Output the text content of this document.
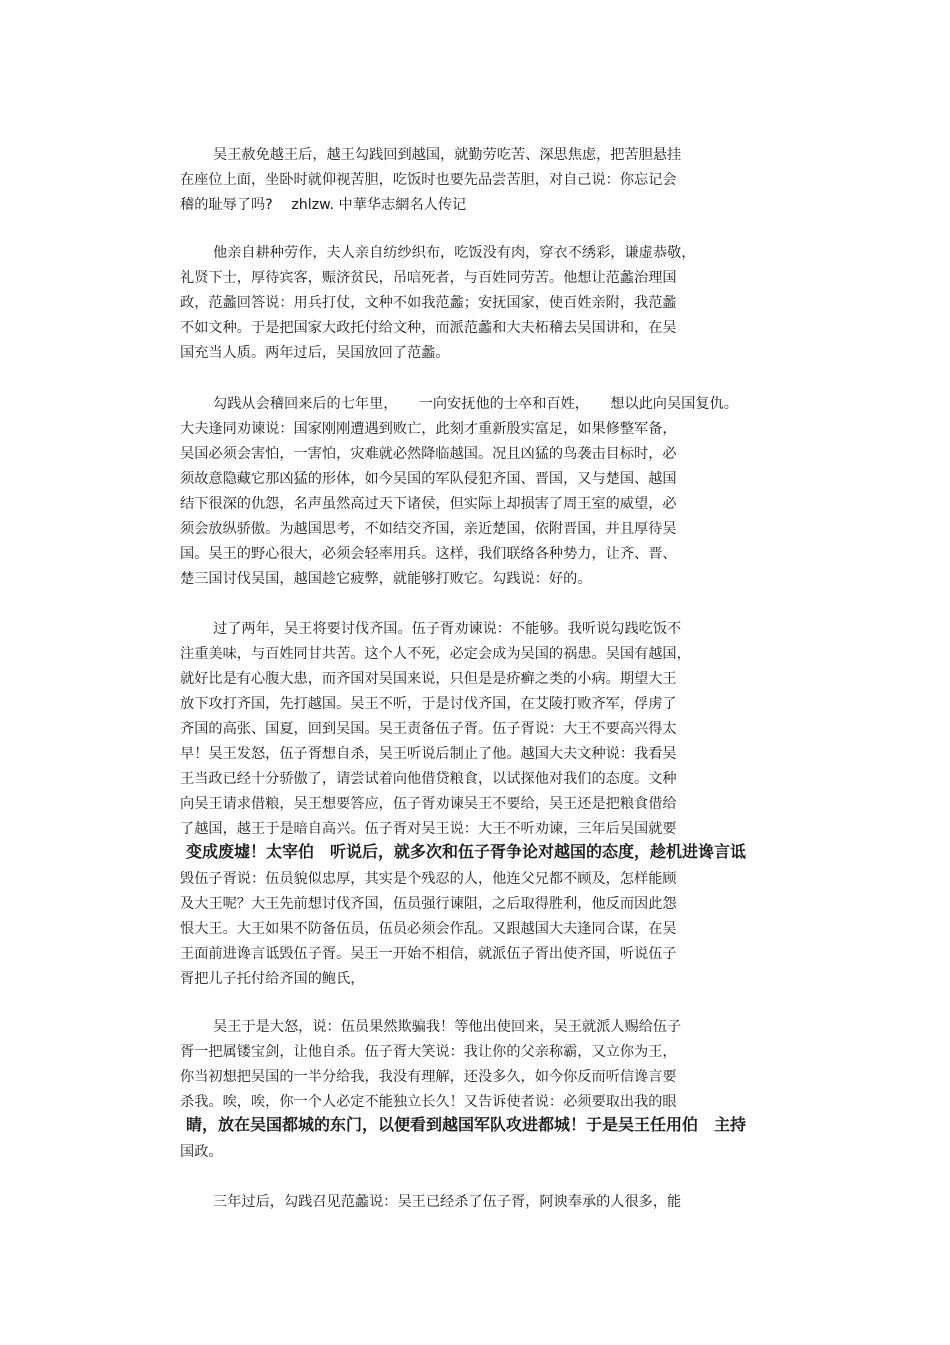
吴王赦免越王后，越王勾践回到越国，就勤劳吃苦、深思焦虑，把苦胆悬挂
在座位上面，坐卧时就仰视苦胆，吃饭时也要先品尝苦胆，对自己说：你忘记会
稽的耻辱了吗?　 zhlzw. 中華华志網名人传记
他亲自耕种劳作，夫人亲自纺纱织布，吃饭没有肉，穿衣不绣彩，谦虚恭敬，
礼贤下士，厚待宾客，赈济贫民，吊唁死者，与百姓同劳苦。他想让范蠡治理国
政，范蠡回答说：用兵打仗，文种不如我范蠡；安抚国家，使百姓亲附，我范蠡
不如文种。于是把国家大政托付给文种，而派范蠡和大夫柘稽去吴国讲和，在吴
国充当人质。两年过后，吴国放回了范蠡。
勾践从会稽回来后的七年里，　　一向安抚他的士卒和百姓，　　想以此向吴国复仇。
大夫逢同劝谏说：国家刚刚遭遇到败亡，此刻才重新殷实富足，如果修整军备，
吴国必须会害怕，一害怕，灾难就必然降临越国。况且凶猛的鸟袭击目标时，必
须故意隐藏它那凶猛的形体，如今吴国的军队侵犯齐国、晋国，又与楚国、越国
结下很深的仇怨，名声虽然高过天下诸侯，但实际上却损害了周王室的威望，必
须会放纵骄傲。为越国思考，不如结交齐国，亲近楚国，依附晋国，并且厚待吴
国。吴王的野心很大，必须会轻率用兵。这样，我们联络各种势力，让齐、晋、
楚三国讨伐吴国，越国趁它疲弊，就能够打败它。勾践说：好的。
过了两年，吴王将要讨伐齐国。伍子胥劝谏说：不能够。我听说勾践吃饭不
注重美味，与百姓同甘共苦。这个人不死，必定会成为吴国的祸患。吴国有越国，
就好比是有心腹大患，而齐国对吴国来说，只但是是疥癣之类的小病。期望大王
放下攻打齐国，先打越国。吴王不听，于是讨伐齐国，在艾陵打败齐军，俘虏了
齐国的高张、国夏，回到吴国。吴王责备伍子胥。伍子胥说：大王不要高兴得太
早！吴王发怒，伍子胥想自杀，吴王听说后制止了他。越国大夫文种说：我看吴
王当政已经十分骄傲了，请尝试着向他借贷粮食，以试探他对我们的态度。文种
向吴王请求借粮，吴王想要答应，伍子胥劝谏吴王不要给，吴王还是把粮食借给
了越国，越王于是暗自高兴。伍子胥对吴王说：大王不听劝谏，三年后吴国就要
变成废墟！太宰伯　听说后，就多次和伍子胥争论对越国的态度，趁机进谗言诋
毁伍子胥说：伍员貌似忠厚，其实是个残忍的人，他连父兄都不顾及，怎样能顾
及大王呢？大王先前想讨伐齐国，伍员强行谏阻，之后取得胜利，他反而因此怨
恨大王。大王如果不防备伍员，伍员必须会作乱。又跟越国大夫逢同合谋，在吴
王面前进谗言诋毁伍子胥。吴王一开始不相信，就派伍子胥出使齐国，听说伍子
胥把儿子托付给齐国的鲍氏，
吴王于是大怒，说：伍员果然欺骗我！等他出使回来，吴王就派人赐给伍子
胥一把属镂宝剑，让他自杀。伍子胥大笑说：我让你的父亲称霸，又立你为王，
你当初想把吴国的一半分给我，我没有理解，还没多久，如今你反而听信谗言要
杀我。唉，唉，你一个人必定不能独立长久！又告诉使者说：必须要取出我的眼
睛，放在吴国都城的东门，以便看到越国军队攻进都城！于是吴王任用伯　主持
国政。
三年过后，勾践召见范蠡说：吴王已经杀了伍子胥，阿谀奉承的人很多，能
